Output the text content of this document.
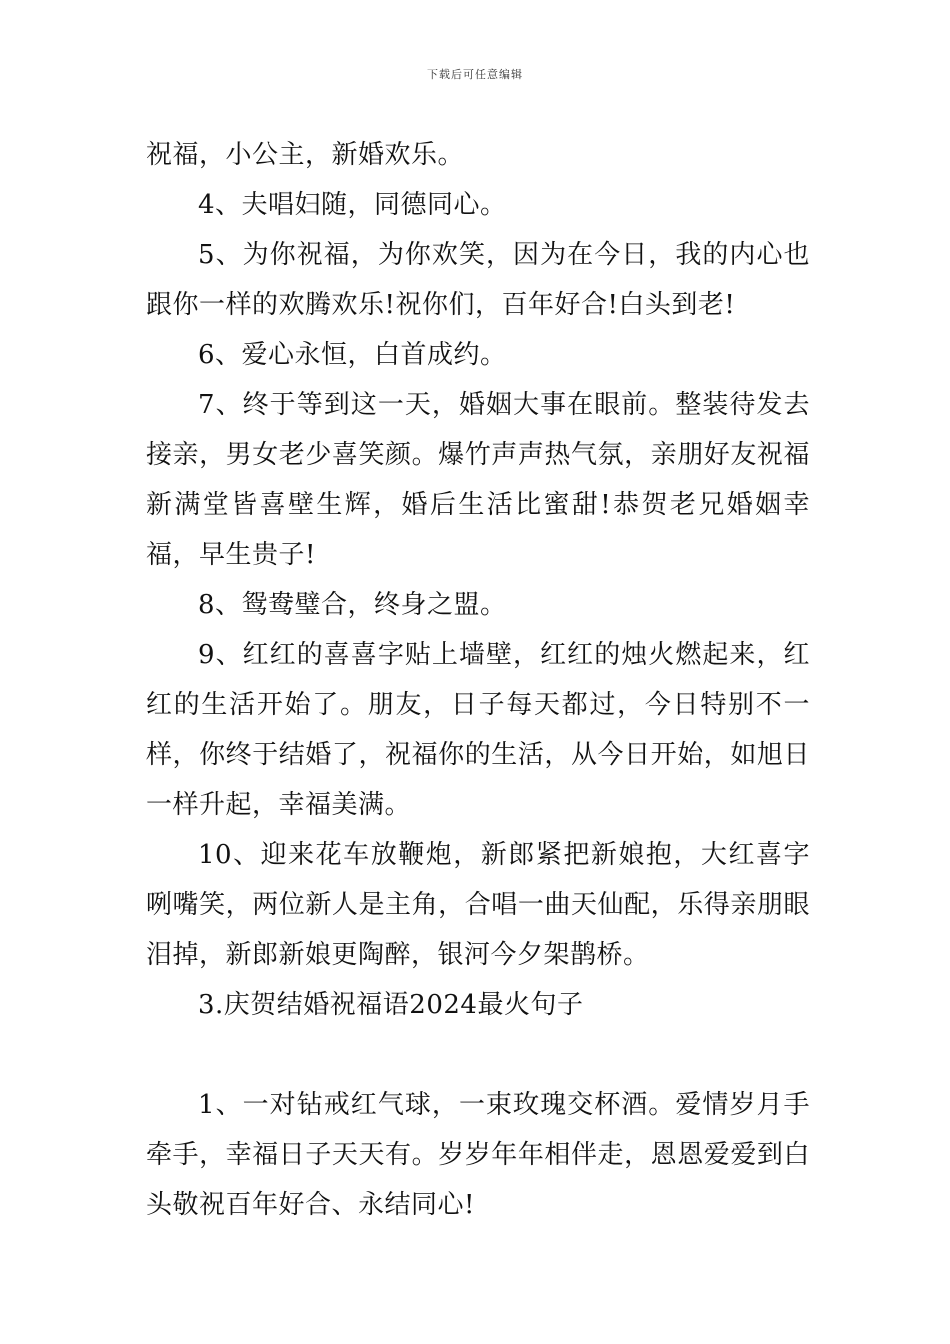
下载后可任意编辑

祝福，小公主，新婚欢乐。

4、夫唱妇随，同德同心。

5、为你祝福，为你欢笑，因为在今日，我的内心也跟你一样的欢腾欢乐!祝你们，百年好合!白头到老!

6、爱心永恒，白首成约。

7、终于等到这一天，婚姻大事在眼前。整装待发去接亲，男女老少喜笑颜。爆竹声声热气氛，亲朋好友祝福新满堂皆喜壁生辉，婚后生活比蜜甜!恭贺老兄婚姻幸福，早生贵子!

8、鸳鸯璧合，终身之盟。

9、红红的喜喜字贴上墙壁，红红的烛火燃起来，红红的生活开始了。朋友，日子每天都过，今日特别不一样，你终于结婚了，祝福你的生活，从今日开始，如旭日一样升起，幸福美满。

10、迎来花车放鞭炮，新郎紧把新娘抱，大红喜字咧嘴笑，两位新人是主角，合唱一曲天仙配，乐得亲朋眼泪掉，新郎新娘更陶醉，银河今夕架鹊桥。

3.庆贺结婚祝福语2024最火句子

1、一对钻戒红气球，一束玫瑰交杯酒。爱情岁月手牵手，幸福日子天天有。岁岁年年相伴走，恩恩爱爱到白头敬祝百年好合、永结同心!
